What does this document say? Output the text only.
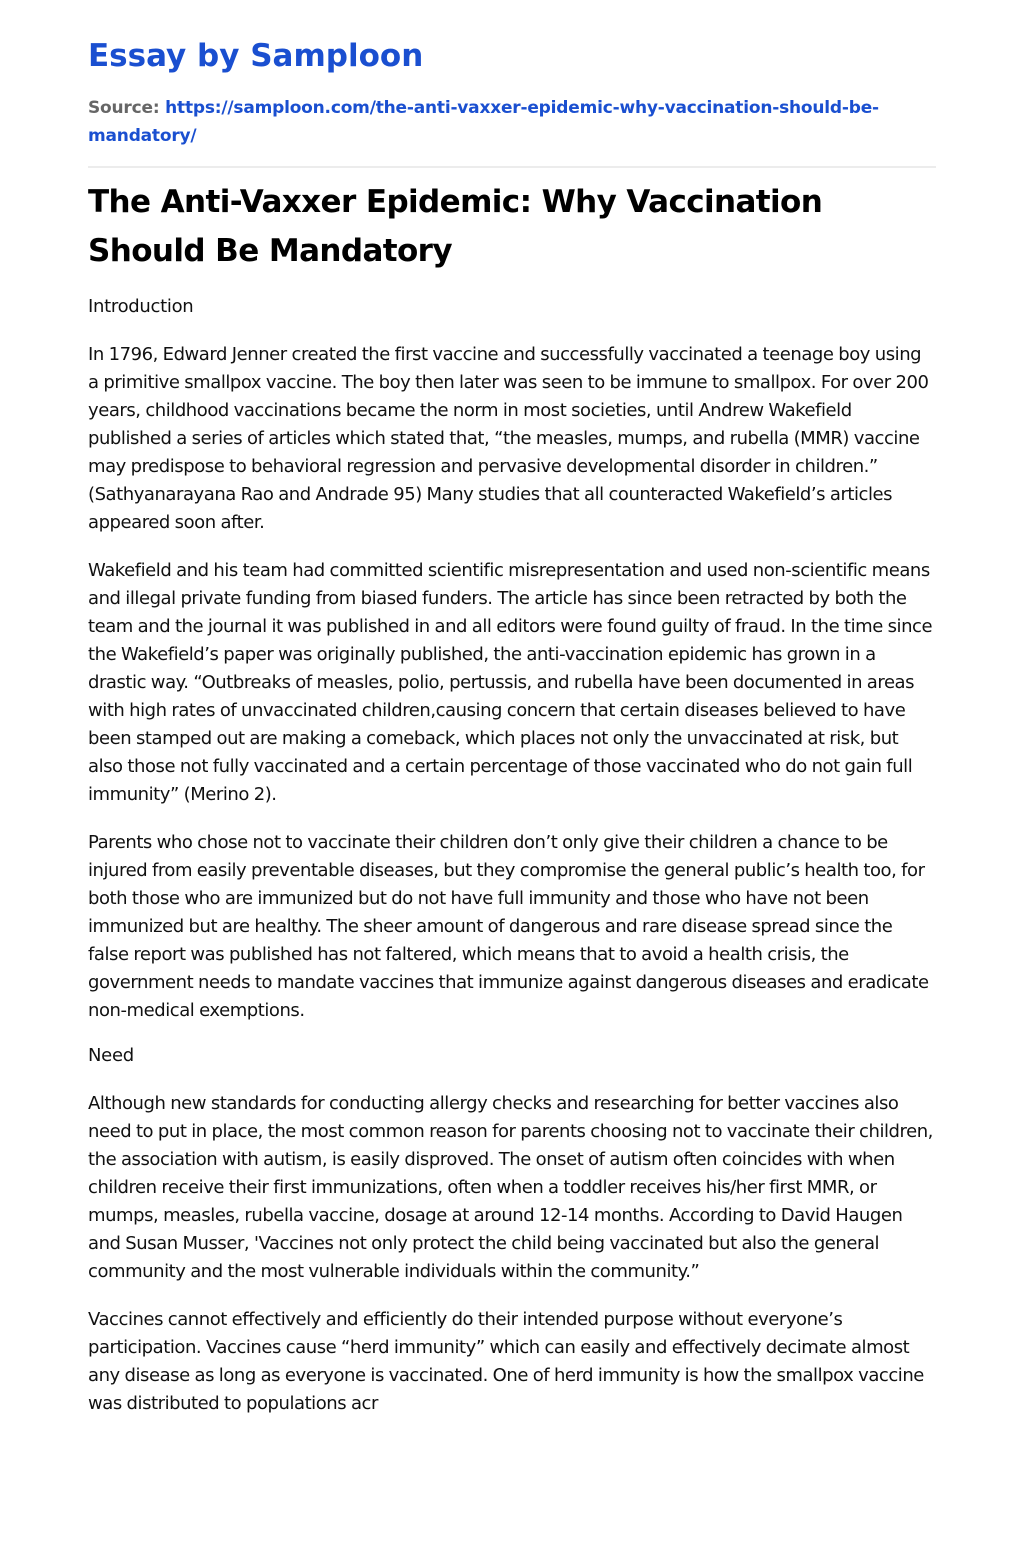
Essay by Samploon
Source: https://samploon.com/the-anti-vaxxer-epidemic-why-vaccination-should-be-mandatory/
The Anti-Vaxxer Epidemic: Why Vaccination Should Be Mandatory
Introduction

In 1796, Edward Jenner created the first vaccine and successfully vaccinated a teenage boy using a primitive smallpox vaccine. The boy then later was seen to be immune to smallpox. For over 200 years, childhood vaccinations became the norm in most societies, until Andrew Wakefield published a series of articles which stated that, “the measles, mumps, and rubella (MMR) vaccine may predispose to behavioral regression and pervasive developmental disorder in children.” (Sathyanarayana Rao and Andrade 95) Many studies that all counteracted Wakefield’s articles appeared soon after.

Wakefield and his team had committed scientific misrepresentation and used non-scientific means and illegal private funding from biased funders. The article has since been retracted by both the team and the journal it was published in and all editors were found guilty of fraud. In the time since the Wakefield’s paper was originally published, the anti-vaccination epidemic has grown in a drastic way. “Outbreaks of measles, polio, pertussis, and rubella have been documented in areas with high rates of unvaccinated children,causing concern that certain diseases believed to have been stamped out are making a comeback, which places not only the unvaccinated at risk, but also those not fully vaccinated and a certain percentage of those vaccinated who do not gain full immunity” (Merino 2).

Parents who chose not to vaccinate their children don’t only give their children a chance to be injured from easily preventable diseases, but they compromise the general public’s health too, for both those who are immunized but do not have full immunity and those who have not been immunized but are healthy. The sheer amount of dangerous and rare disease spread since the false report was published has not faltered, which means that to avoid a health crisis, the government needs to mandate vaccines that immunize against dangerous diseases and eradicate non-medical exemptions.

Need

Although new standards for conducting allergy checks and researching for better vaccines also need to put in place, the most common reason for parents choosing not to vaccinate their children, the association with autism, is easily disproved. The onset of autism often coincides with when children receive their first immunizations, often when a toddler receives his/her first MMR, or mumps, measles, rubella vaccine, dosage at around 12-14 months. According to David Haugen and Susan Musser, 'Vaccines not only protect the child being vaccinated but also the general community and the most vulnerable individuals within the community.”

Vaccines cannot effectively and efficiently do their intended purpose without everyone’s participation. Vaccines cause “herd immunity” which can easily and effectively decimate almost any disease as long as everyone is vaccinated. One of herd immunity is how the smallpox vaccine was distributed to populations acr
